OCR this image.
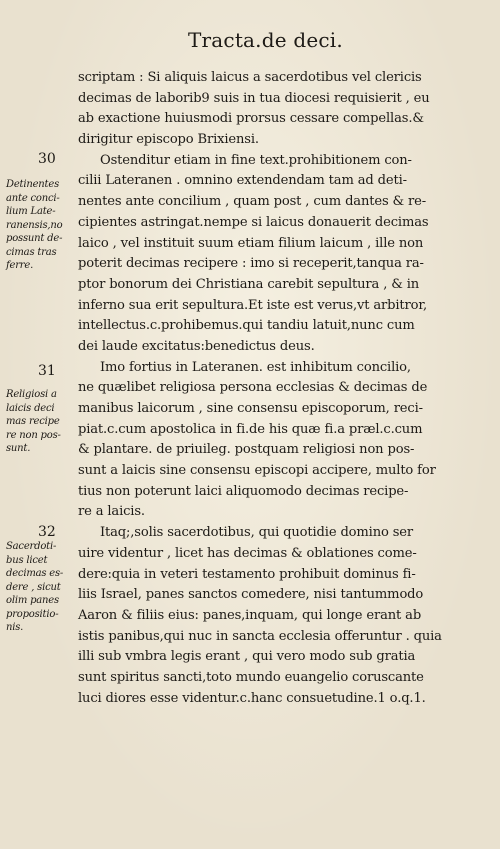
Tracta.de deci.
scriptam : Si aliquis laicus a sacerdotibus vel clericis
decimas de laborib9 suis in tua diocesi requisierit , eu
ab exactione huiusmodi prorsus cessare compellas.&
dirigitur episcopo Brixiensi.
Ostenditur etiam in fine text.prohibitionem con-
cilii Lateranen . omnino extendendam tam ad deti-
nentes ante concilium , quam post , cum dantes & re-
cipientes astringat.nempe si laicus donauerit decimas
laico , vel instituit suum etiam filium laicum , ille non
poterit decimas recipere : imo si receperit,tanqua ra-
ptor bonorum dei Christiana carebit sepultura , & in
inferno sua erit sepultura.Et iste est verus,vt arbitror,
intellectus.c.prohibemus.qui tandiu latuit,nunc cum
dei laude excitatus:benedictus deus.
Imo fortius in Lateranen. est inhibitum concilio,
ne quælibet religiosa persona ecclesias & decimas de
manibus laicorum , sine consensu episcoporum, reci-
piat.c.cum apostolica in fi.de his quæ fi.a præl.c.cum
& plantare. de priuileg. postquam religiosi non pos-
sunt a laicis sine consensu episcopi accipere, multo for
tius non poterunt laici aliquomodo decimas recipe-
re a laicis.
Itaq;,solis sacerdotibus, qui quotidie domino ser
uire videntur , licet has decimas & oblationes come-
dere:quia in veteri testamento prohibuit dominus fi-
liis Israel, panes sanctos comedere, nisi tantummodo
Aaron & filiis eius: panes,inquam, qui longe erant ab
istis panibus,qui nuc in sancta ecclesia offeruntur . quia
illi sub vmbra legis erant , qui vero modo sub gratia
sunt spiritus sancti,toto mundo euangelio coruscante
luci diores esse videntur.c.hanc consuetudine.1 o.q.1.
30
31
32
Detinentes
ante conci-
lium Late-
ranensis,no
possunt de-
cimas tras
ferre.
Religiosi a
laicis deci
mas recipe
re non pos-
sunt.
Sacerdoti-
bus licet
decimas es-
dere , sicut
olim panes
propositio-
nis.
